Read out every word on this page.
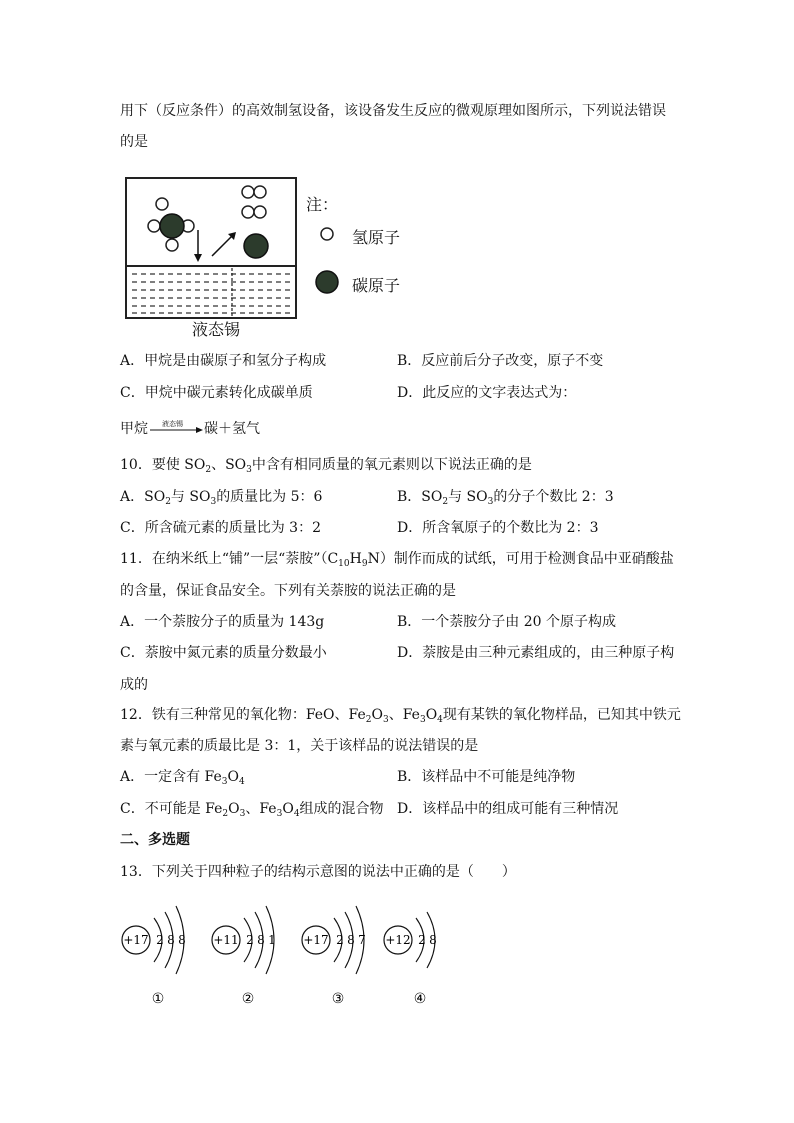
用下（反应条件）的高效制氢设备，该设备发生反应的微观原理如图所示，下列说法错误
的是
注：
氢原子
碳原子
液态锡
A．甲烷是由碳原子和氢分子构成	B．反应前后分子改变，原子不变
C．甲烷中碳元素转化成碳单质	D．此反应的文字表达式为：
甲烷 液态锡 碳＋氢气
10．要使 $SO_2$、$SO_3$中含有相同质量的氧元素则以下说法正确的是
A．$SO_2$与 $SO_3$的质量比为 5：6	B．$SO_2$与 $SO_3$的分子个数比 2：3
C．所含硫元素的质量比为 3：2	D．所含氧原子的个数比为 2：3
11．在纳米纸上“铺”一层“萘胺$”(C_{10}H_9N)$制作而成的试纸，可用于检测食品中亚硝酸盐
的含量，保证食品安全。下列有关萘胺的说法正确的是
A．一个萘胺分子的质量为 143g	B．一个萘胺分子由 20 个原子构成
C．萘胺中氮元素的质量分数最小	D．萘胺是由三种元素组成的，由三种原子构
成的
12．铁有三种常见的氧化物：FeO、$Fe_2O_3$、$Fe_3O_4$现有某铁的氧化物样品，已知其中铁元
素与氧元素的质最比是 3：1，关于该样品的说法错误的是
A．一定含有 $Fe_3O_4$	B．该样品中不可能是纯净物
C．不可能是 $Fe_2O_3$、$Fe_3O_4$组成的混合物 D．该样品中的组成可能有三种情况
二、多选题
13．下列关于四种粒子的结构示意图的说法中正确的是（　　）
+17 2 8 8
①
+11 2 8 1
②
+17 2 8 7
③
+12 2 8
④
